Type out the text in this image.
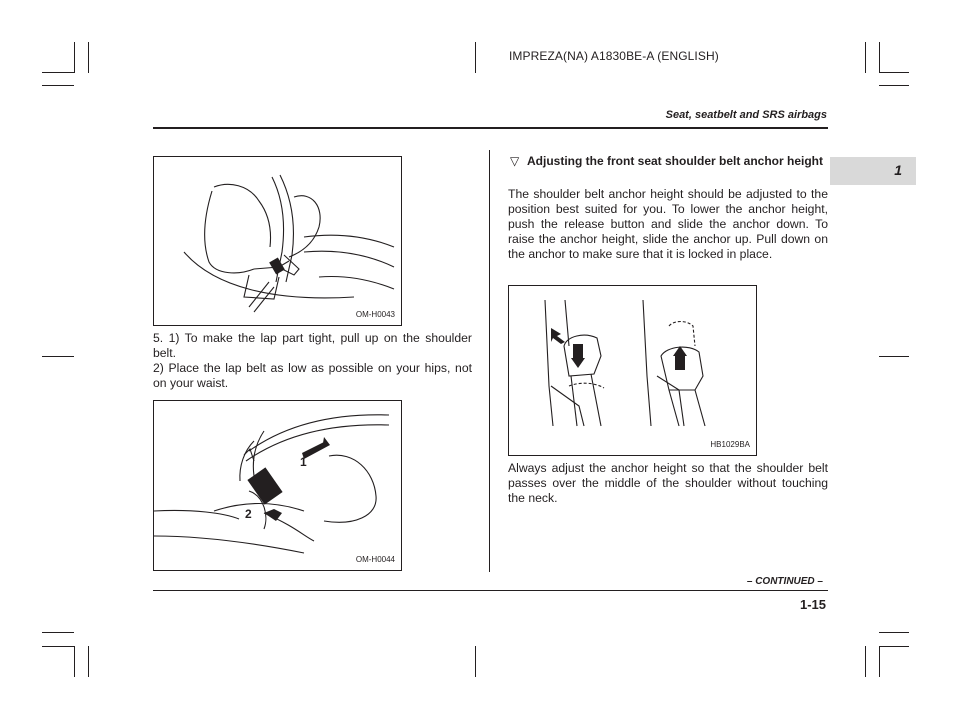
IMPREZA(NA) A1830BE-A (ENGLISH)
Seat, seatbelt and SRS airbags
1
OM-H0043

5. 1) To make the lap part tight, pull up on the shoulder belt.

2) Place the lap belt as low as possible on your hips, not on your waist.

1
2
OM-H0044
▽ Adjusting the front seat shoulder belt anchor height
The shoulder belt anchor height should be adjusted to the position best suited for you. To lower the anchor height, push the release button and slide the anchor down. To raise the anchor height, slide the anchor up. Pull down on the anchor to make sure that it is locked in place.
HB1029BA
Always adjust the anchor height so that the shoulder belt passes over the middle of the shoulder without touching the neck.
– CONTINUED –
1-15
